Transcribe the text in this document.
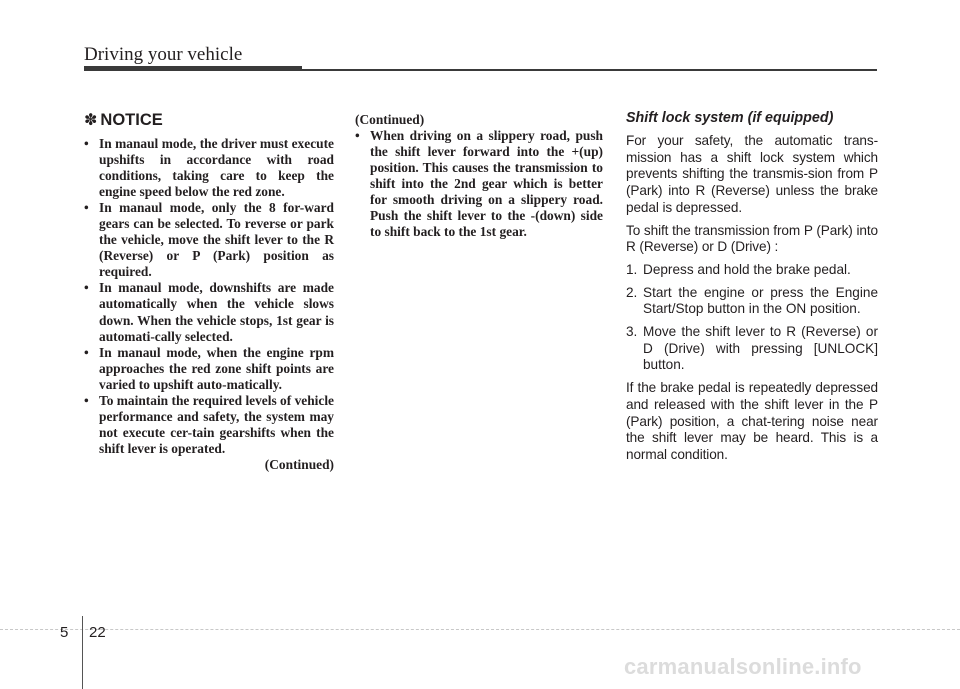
Driving your vehicle
✽ NOTICE
• In manaul mode, the driver must execute upshifts in accordance with road conditions, taking care to keep the engine speed below the red zone.
• In manaul mode, only the 8 for-ward gears can be selected. To reverse or park the vehicle, move the shift lever to the R (Reverse) or P (Park) position as required.
• In manaul mode, downshifts are made automatically when the vehicle slows down. When the vehicle stops, 1st gear is automati-cally selected.
• In manaul mode, when the engine rpm approaches the red zone shift points are varied to upshift auto-matically.
• To maintain the required levels of vehicle performance and safety, the system may not execute cer-tain gearshifts when the shift lever is operated.

(Continued)

(Continued)

• When driving on a slippery road, push the shift lever forward into the +(up) position. This causes the transmission to shift into the 2nd gear which is better for smooth driving on a slippery road. Push the shift lever to the -(down) side to shift back to the 1st gear.
Shift lock system (if equipped)

For your safety, the automatic trans-mission has a shift lock system which prevents shifting the transmis-sion from P (Park) into R (Reverse) unless the brake pedal is depressed.

To shift the transmission from P (Park) into R (Reverse) or D (Drive) :

1. Depress and hold the brake pedal.
2. Start the engine or press the Engine Start/Stop button in the ON position.
3. Move the shift lever to R (Reverse) or D (Drive) with pressing [UNLOCK] button.

If the brake pedal is repeatedly depressed and released with the shift lever in the P (Park) position, a chat-tering noise near the shift lever may be heard. This is a normal condition.

5 22
carmanualsonline.info
